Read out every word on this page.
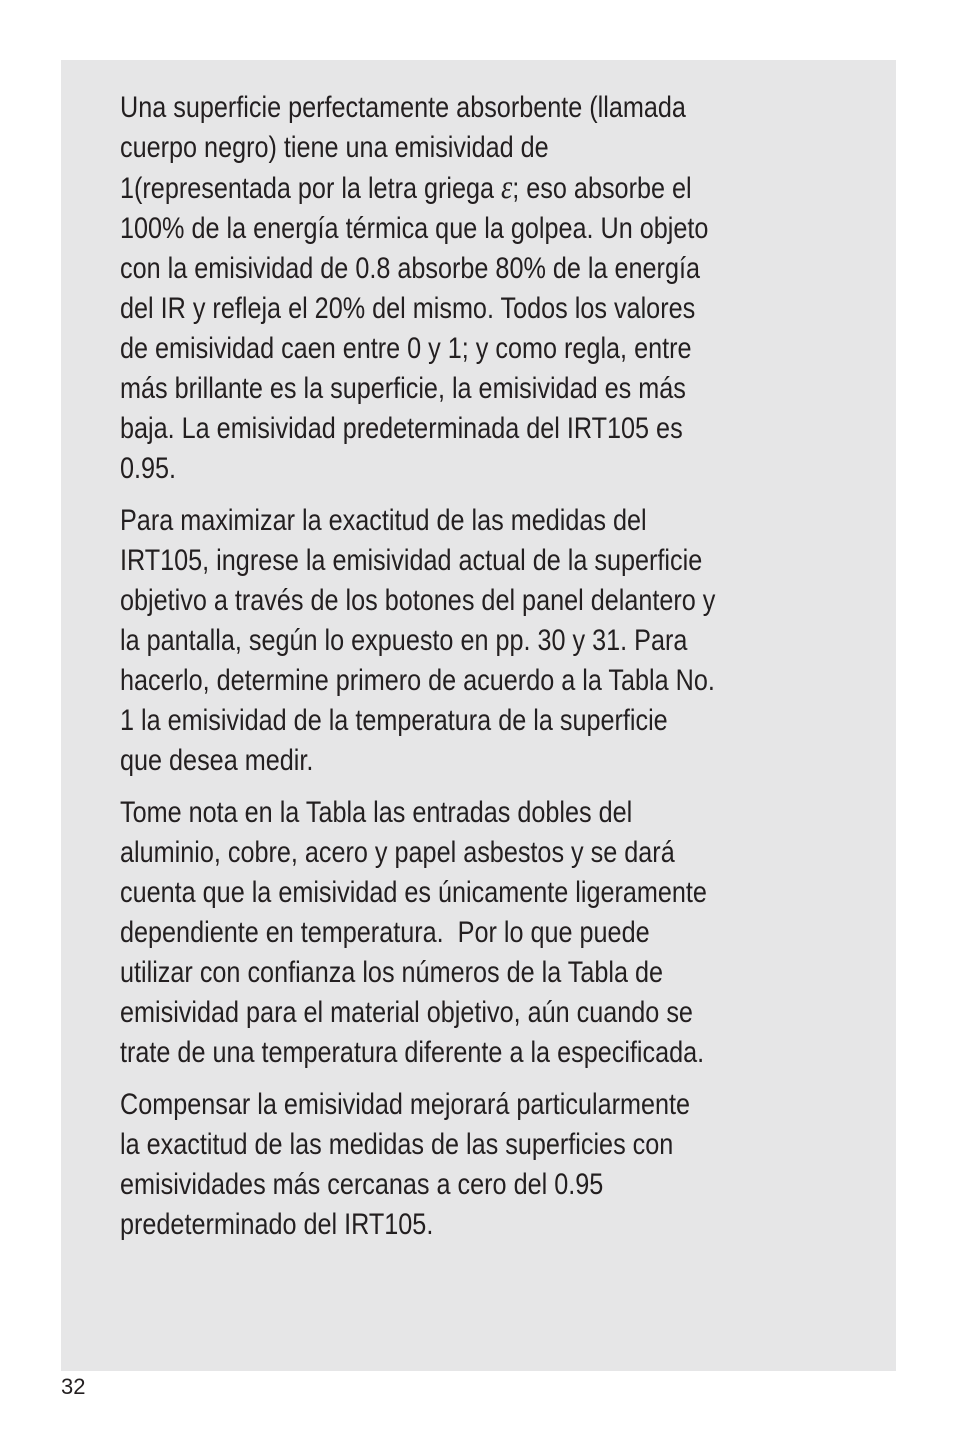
Una superficie perfectamente absorbente (llamada
cuerpo negro) tiene una emisividad de
1(representada por la letra griega ε; eso absorbe el
100% de la energía térmica que la golpea. Un objeto
con la emisividad de 0.8 absorbe 80% de la energía
del IR y refleja el 20% del mismo. Todos los valores
de emisividad caen entre 0 y 1; y como regla, entre
más brillante es la superficie, la emisividad es más
baja. La emisividad predeterminada del IRT105 es
0.95.

Para maximizar la exactitud de las medidas del
IRT105, ingrese la emisividad actual de la superficie
objetivo a través de los botones del panel delantero y
la pantalla, según lo expuesto en pp. 30 y 31. Para
hacerlo, determine primero de acuerdo a la Tabla No.
1 la emisividad de la temperatura de la superficie
que desea medir.

Tome nota en la Tabla las entradas dobles del
aluminio, cobre, acero y papel asbestos y se dará
cuenta que la emisividad es únicamente ligeramente
dependiente en temperatura.  Por lo que puede
utilizar con confianza los números de la Tabla de
emisividad para el material objetivo, aún cuando se
trate de una temperatura diferente a la especificada.

Compensar la emisividad mejorará particularmente
la exactitud de las medidas de las superficies con
emisividades más cercanas a cero del 0.95
predeterminado del IRT105.

32
